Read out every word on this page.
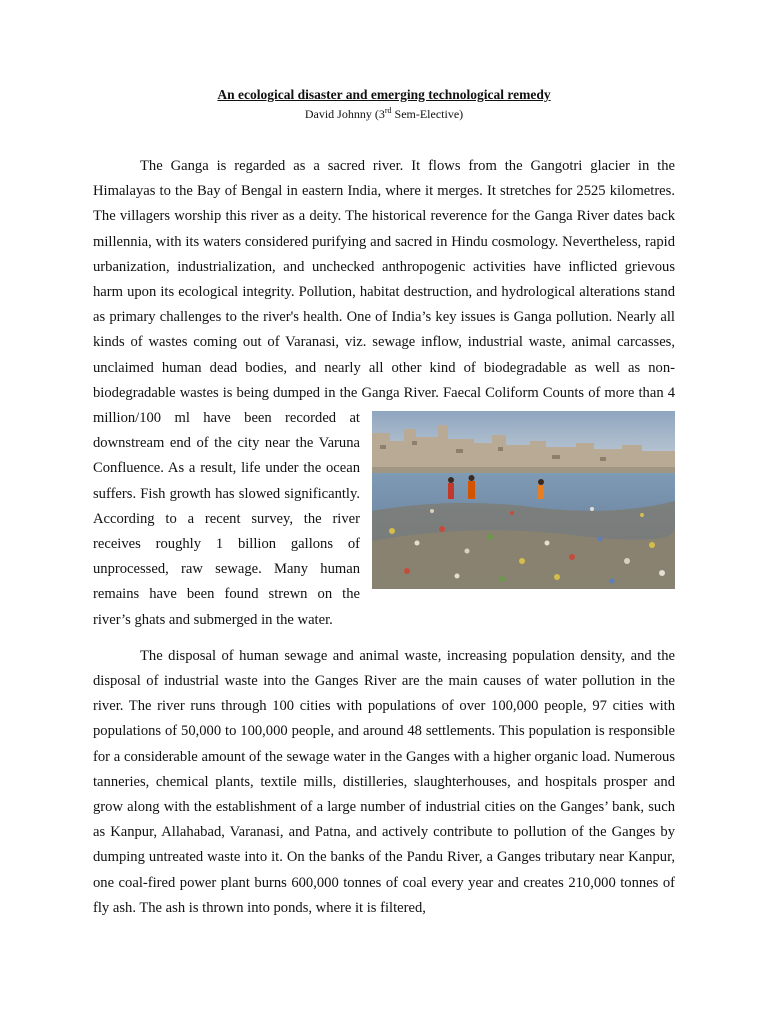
An ecological disaster and emerging technological remedy
David Johnny (3rd Sem-Elective)

The Ganga is regarded as a sacred river. It flows from the Gangotri glacier in the Himalayas to the Bay of Bengal in eastern India, where it merges. It stretches for 2525 kilometres. The villagers worship this river as a deity. The historical reverence for the Ganga River dates back millennia, with its waters considered purifying and sacred in Hindu cosmology. Nevertheless, rapid urbanization, industrialization, and unchecked anthropogenic activities have inflicted grievous harm upon its ecological integrity. Pollution, habitat destruction, and hydrological alterations stand as primary challenges to the river's health. One of India’s key issues is Ganga pollution. Nearly all kinds of wastes coming out of Varanasi, viz. sewage inflow, industrial waste, animal carcasses, unclaimed human dead bodies, and nearly all other kind of biodegradable as well as non-biodegradable wastes is being dumped in the Ganga River. Faecal Coliform Counts of more than 4 million/100 ml have been recorded at
downstream end of the city near the Varuna Confluence. As a result, life under the ocean suffers. Fish growth has slowed significantly. According to a recent survey, the river receives roughly 1 billion gallons of unprocessed, raw sewage. Many human remains have been found strewn on the river’s ghats and submerged in the water.

The disposal of human sewage and animal waste, increasing population density, and the disposal of industrial waste into the Ganges River are the main causes of water pollution in the river. The river runs through 100 cities with populations of over 100,000 people, 97 cities with populations of 50,000 to 100,000 people, and around 48 settlements. This population is responsible for a considerable amount of the sewage water in the Ganges with a higher organic load. Numerous tanneries, chemical plants, textile mills, distilleries, slaughterhouses, and hospitals prosper and grow along with the establishment of a large number of industrial cities on the Ganges’ bank, such as Kanpur, Allahabad, Varanasi, and Patna, and actively contribute to pollution of the Ganges by dumping untreated waste into it. On the banks of the Pandu River, a Ganges tributary near Kanpur, one coal-fired power plant burns 600,000 tonnes of coal every year and creates 210,000 tonnes of fly ash. The ash is thrown into ponds, where it is filtered,
